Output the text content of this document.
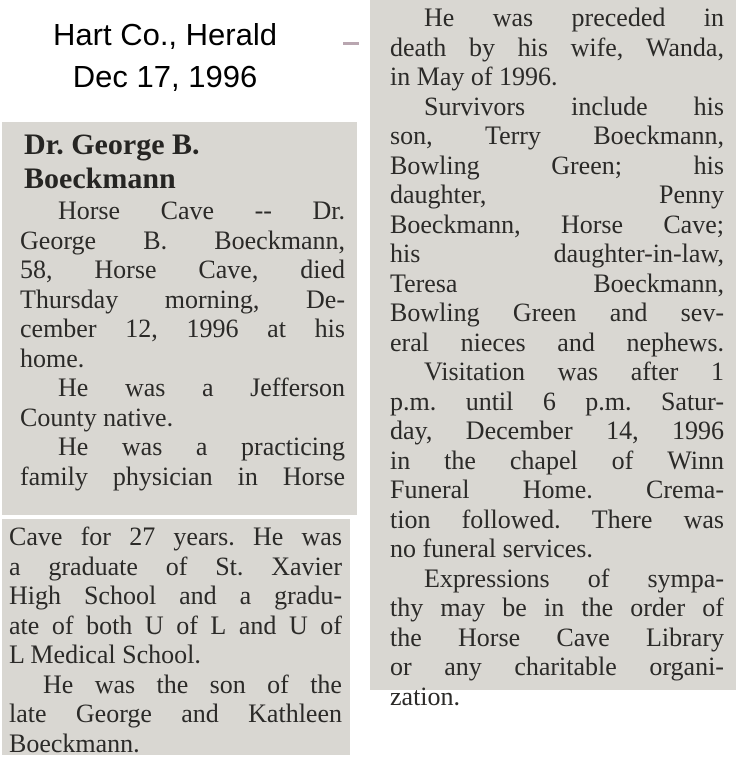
Hart Co., Herald
Dec 17, 1996
Dr. George B.
Boeckmann
Horse Cave -- Dr.
George B. Boeckmann,
58, Horse Cave, died
Thursday morning, De-
cember 12, 1996 at his
home.
He was a Jefferson
County native.
He was a practicing
family physician in Horse
Cave for 27 years. He was
a graduate of St. Xavier
High School and a gradu-
ate of both U of L and U of
L Medical School.
He was the son of the
late George and Kathleen
Boeckmann.
He was preceded in
death by his wife, Wanda,
in May of 1996.
Survivors include his
son, Terry Boeckmann,
Bowling	Green;	his
daughter,	Penny
Boeckmann, Horse Cave;
his	daughter-in-law,
Teresa	Boeckmann,
Bowling Green and sev-
eral nieces and nephews.
Visitation was after 1
p.m. until 6 p.m. Satur-
day, December 14, 1996
in the chapel of Winn
Funeral Home. Crema-
tion followed. There was
no funeral services.
Expressions of sympa-
thy may be in the order of
the Horse Cave Library
or any charitable organi-
zation.
